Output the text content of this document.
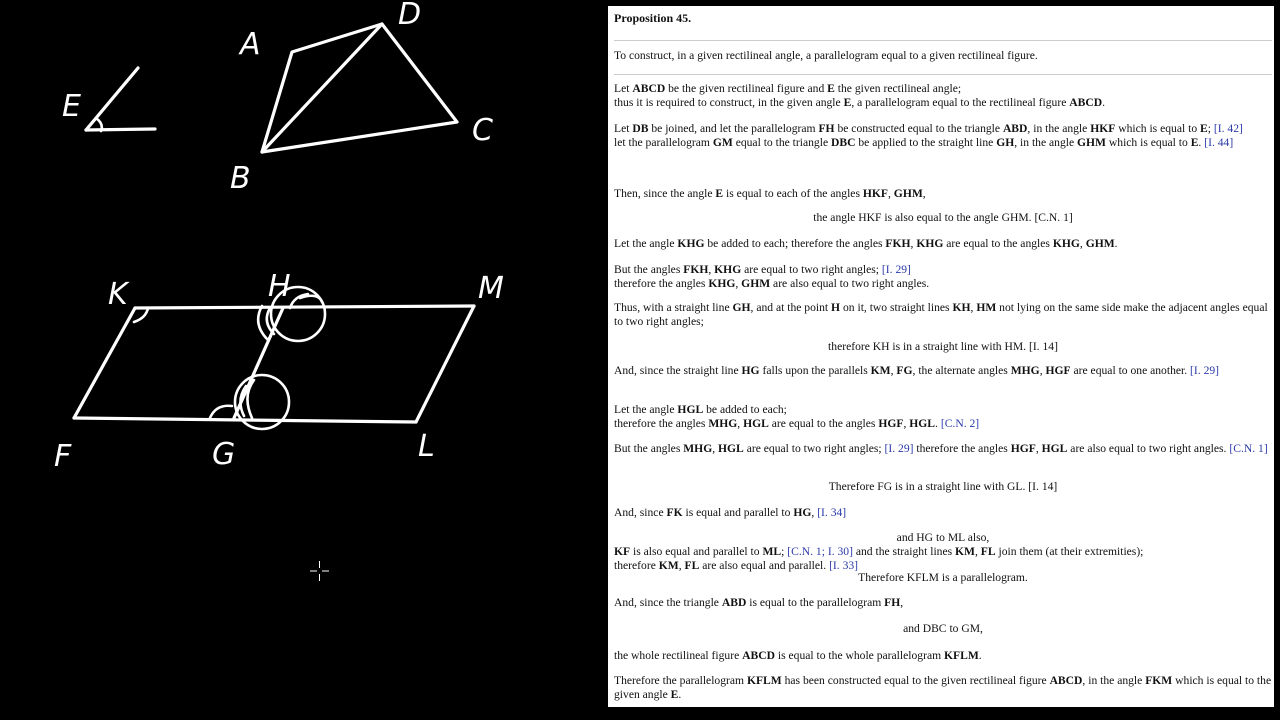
A
B
C
D
E
K	H	M
F	G	L
Proposition 45.
To construct, in a given rectilineal angle, a parallelogram equal to a given rectilineal figure.
Let ABCD be the given rectilineal figure and E the given rectilineal angle;
thus it is required to construct, in the given angle E, a parallelogram equal to the rectilineal figure ABCD.
Let DB be joined, and let the parallelogram FH be constructed equal to the triangle ABD, in the angle HKF which is equal to E; [I. 42]
let the parallelogram GM equal to the triangle DBC be applied to the straight line GH, in the angle GHM which is equal to E. [I. 44]
Then, since the angle E is equal to each of the angles HKF, GHM,
the angle HKF is also equal to the angle GHM. [C.N. 1]
Let the angle KHG be added to each; therefore the angles FKH, KHG are equal to the angles KHG, GHM.
But the angles FKH, KHG are equal to two right angles; [I. 29]
therefore the angles KHG, GHM are also equal to two right angles.
Thus, with a straight line GH, and at the point H on it, two straight lines KH, HM not lying on the same side make the adjacent angles equal to two right angles;
therefore KH is in a straight line with HM. [I. 14]
And, since the straight line HG falls upon the parallels KM, FG, the alternate angles MHG, HGF are equal to one another. [I. 29]
Let the angle HGL be added to each;
therefore the angles MHG, HGL are equal to the angles HGF, HGL. [C.N. 2]
But the angles MHG, HGL are equal to two right angles; [I. 29] therefore the angles HGF, HGL are also equal to two right angles. [C.N. 1]
Therefore FG is in a straight line with GL. [I. 14]
And, since FK is equal and parallel to HG, [I. 34]
and HG to ML also,
KF is also equal and parallel to ML; [C.N. 1; I. 30] and the straight lines KM, FL join them (at their extremities);
therefore KM, FL are also equal and parallel. [I. 33]
Therefore KFLM is a parallelogram.
And, since the triangle ABD is equal to the parallelogram FH,
and DBC to GM,
the whole rectilineal figure ABCD is equal to the whole parallelogram KFLM.
Therefore the parallelogram KFLM has been constructed equal to the given rectilineal figure ABCD, in the angle FKM which is equal to the given angle E.
